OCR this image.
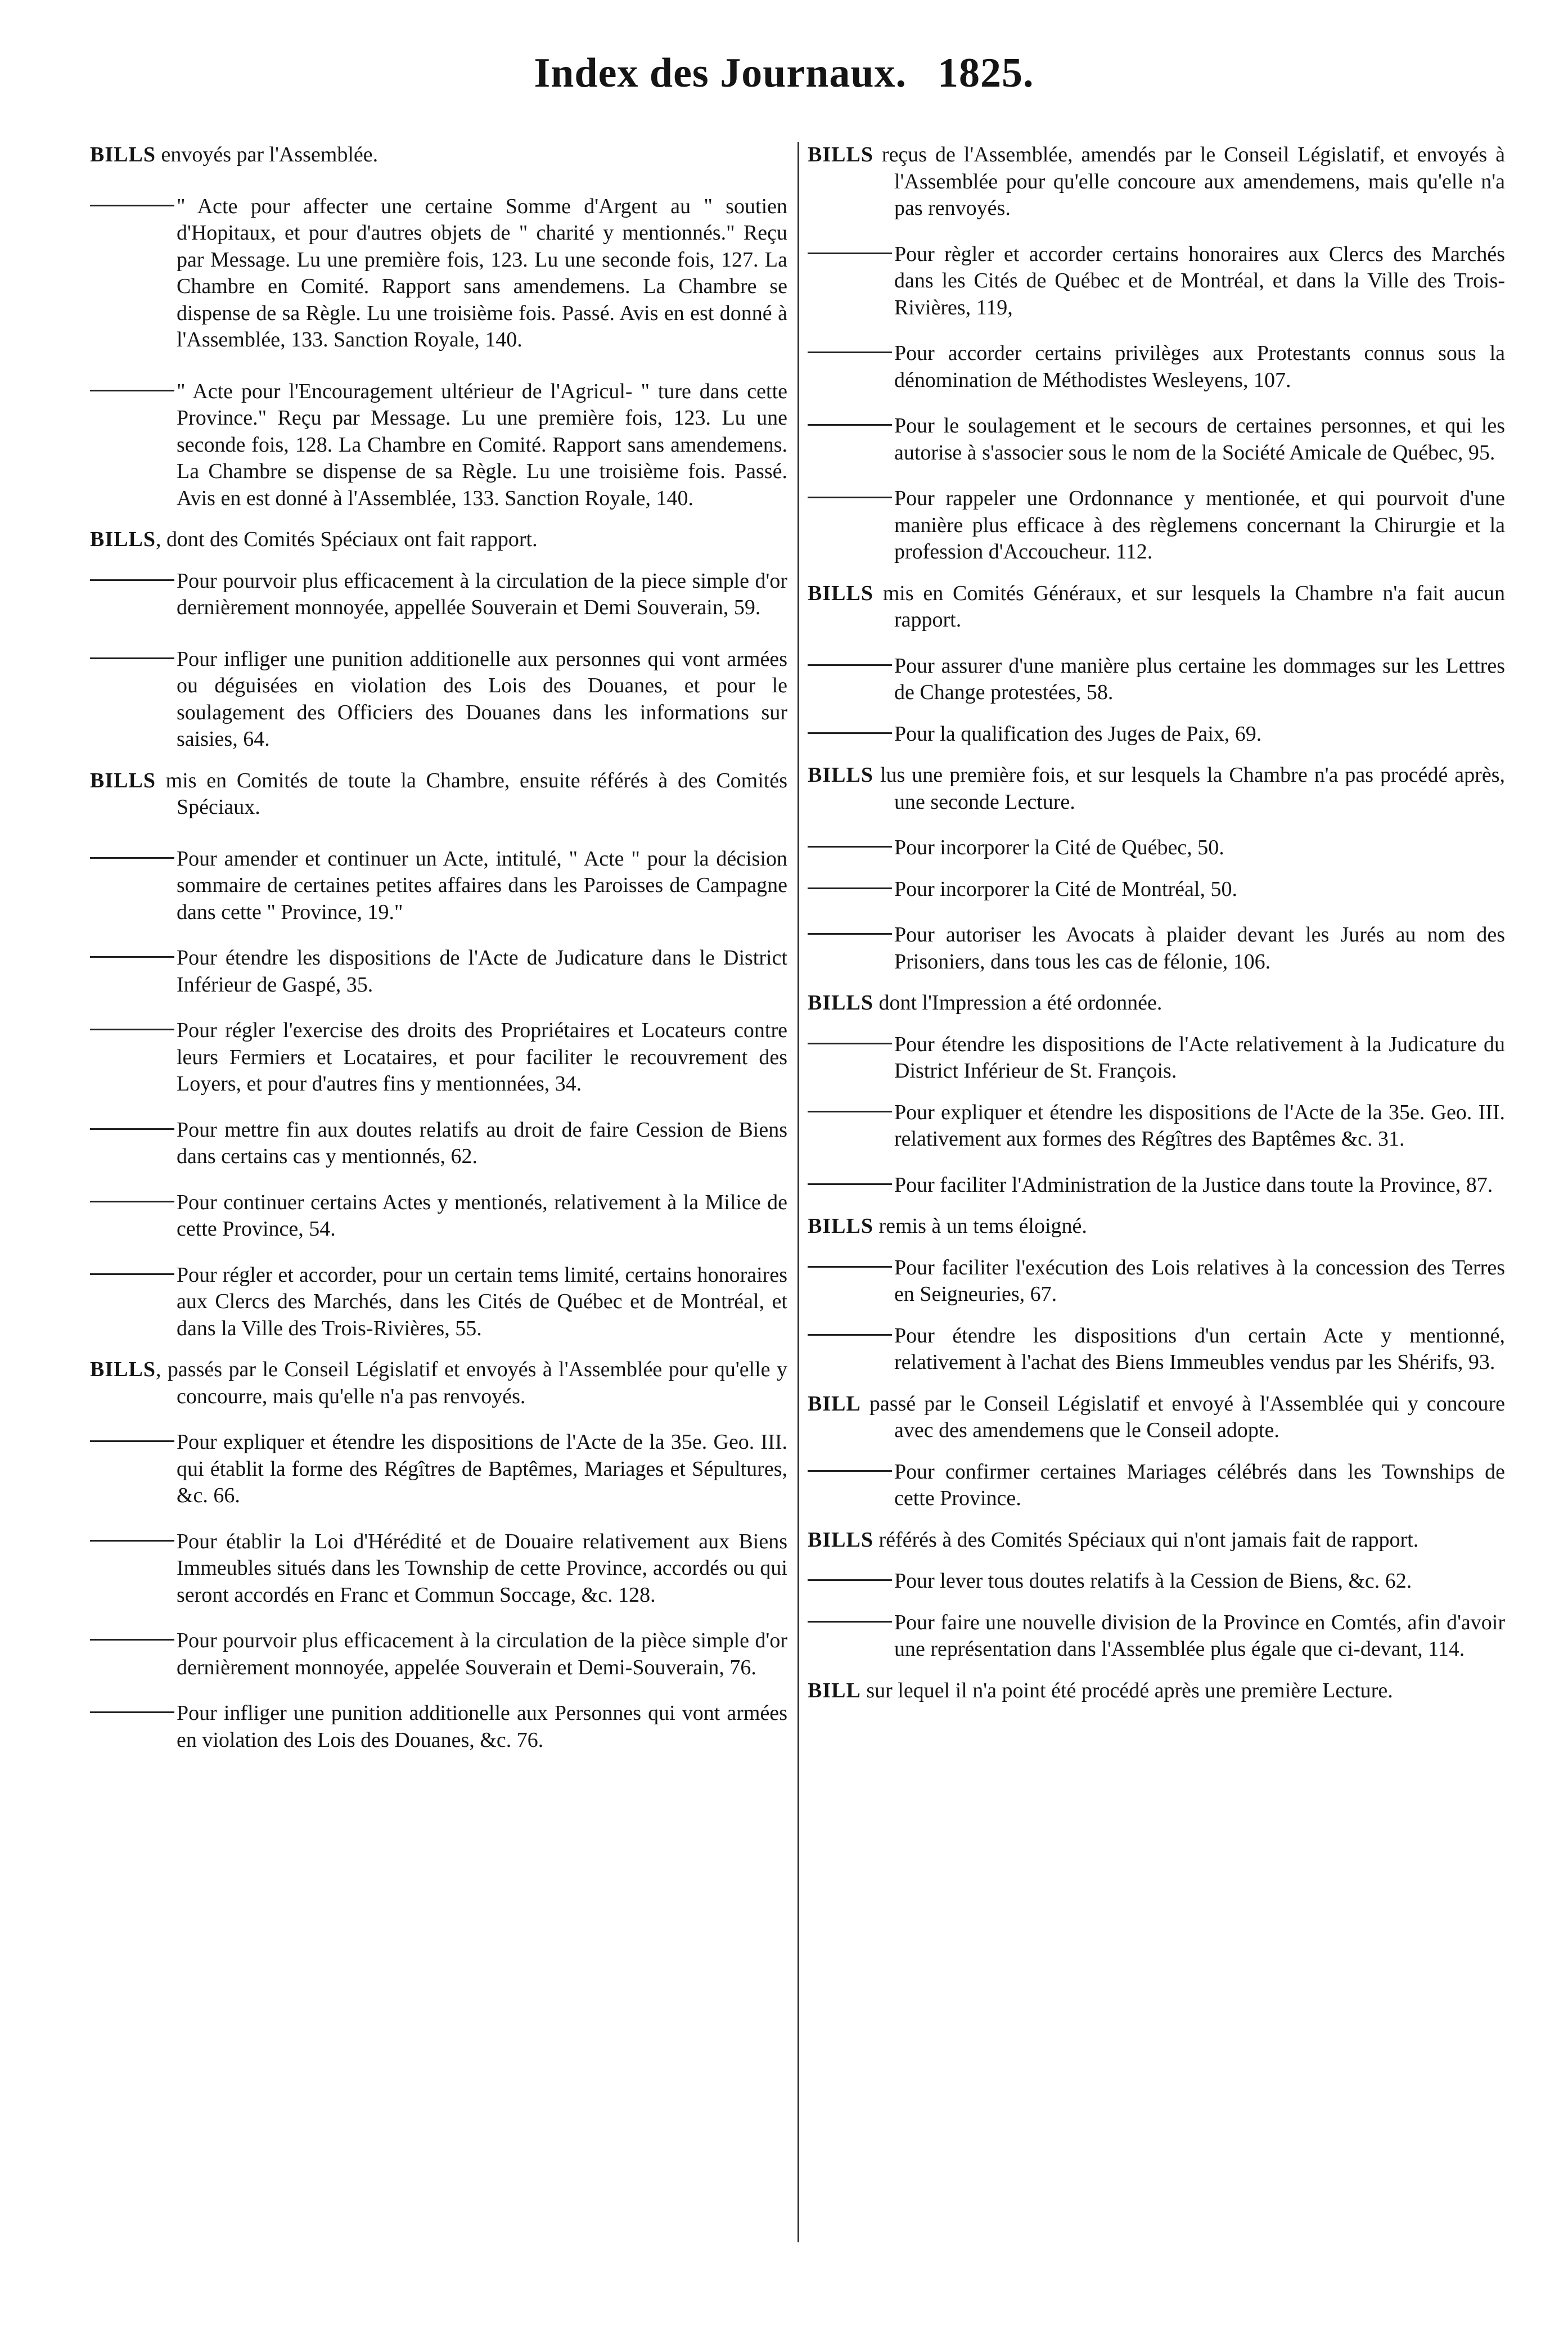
Index des Journaux. 1825.

BILLS envoyés par l'Assemblée.

" Acte pour affecter une certaine Somme d'Argent au " soutien d'Hopitaux, et pour d'autres objets de " charité y mentionnés." Reçu par Message. Lu une première fois, 123. Lu une seconde fois, 127. La Chambre en Comité. Rapport sans amendemens. La Chambre se dispense de sa Règle. Lu une troisième fois. Passé. Avis en est donné à l'Assemblée, 133. Sanction Royale, 140.

" Acte pour l'Encouragement ultérieur de l'Agricul- " ture dans cette Province." Reçu par Message. Lu une première fois, 123. Lu une seconde fois, 128. La Chambre en Comité. Rapport sans amendemens. La Chambre se dispense de sa Règle. Lu une troisième fois. Passé. Avis en est donné à l'Assemblée, 133. Sanction Royale, 140.

BILLS, dont des Comités Spéciaux ont fait rapport.

Pour pourvoir plus efficacement à la circulation de la piece simple d'or dernièrement monnoyée, appellée Souverain et Demi Souverain, 59.

Pour infliger une punition additionelle aux personnes qui vont armées ou déguisées en violation des Lois des Douanes, et pour le soulagement des Officiers des Douanes dans les informations sur saisies, 64.

BILLS mis en Comités de toute la Chambre, ensuite référés à des Comités Spéciaux.

Pour amender et continuer un Acte, intitulé, " Acte " pour la décision sommaire de certaines petites affaires dans les Paroisses de Campagne dans cette " Province, 19."

Pour étendre les dispositions de l'Acte de Judicature dans le District Inférieur de Gaspé, 35.

Pour régler l'exercise des droits des Propriétaires et Locateurs contre leurs Fermiers et Locataires, et pour faciliter le recouvrement des Loyers, et pour d'autres fins y mentionnées, 34.

Pour mettre fin aux doutes relatifs au droit de faire Cession de Biens dans certains cas y mentionnés, 62.

Pour continuer certains Actes y mentionés, relativement à la Milice de cette Province, 54.

Pour régler et accorder, pour un certain tems limité, certains honoraires aux Clercs des Marchés, dans les Cités de Québec et de Montréal, et dans la Ville des Trois-Rivières, 55.

BILLS, passés par le Conseil Législatif et envoyés à l'Assemblée pour qu'elle y concourre, mais qu'elle n'a pas renvoyés.

Pour expliquer et étendre les dispositions de l'Acte de la 35e. Geo. III. qui établit la forme des Régîtres de Baptêmes, Mariages et Sépultures, &c. 66.

Pour établir la Loi d'Hérédité et de Douaire relativement aux Biens Immeubles situés dans les Township de cette Province, accordés ou qui seront accordés en Franc et Commun Soccage, &c. 128.

Pour pourvoir plus efficacement à la circulation de la pièce simple d'or dernièrement monnoyée, appelée Souverain et Demi-Souverain, 76.

Pour infliger une punition additionelle aux Personnes qui vont armées en violation des Lois des Douanes, &c. 76.

BILLS reçus de l'Assemblée, amendés par le Conseil Législatif, et envoyés à l'Assemblée pour qu'elle concoure aux amendemens, mais qu'elle n'a pas renvoyés.

Pour règler et accorder certains honoraires aux Clercs des Marchés dans les Cités de Québec et de Montréal, et dans la Ville des Trois-Rivières, 119,

Pour accorder certains privilèges aux Protestants connus sous la dénomination de Méthodistes Wesleyens, 107.

Pour le soulagement et le secours de certaines personnes, et qui les autorise à s'associer sous le nom de la Société Amicale de Québec, 95.

Pour rappeler une Ordonnance y mentionée, et qui pourvoit d'une manière plus efficace à des règlemens concernant la Chirurgie et la profession d'Accoucheur. 112.

BILLS mis en Comités Généraux, et sur lesquels la Chambre n'a fait aucun rapport.

Pour assurer d'une manière plus certaine les dommages sur les Lettres de Change protestées, 58.

Pour la qualification des Juges de Paix, 69.

BILLS lus une première fois, et sur lesquels la Chambre n'a pas procédé après, une seconde Lecture.

Pour incorporer la Cité de Québec, 50.

Pour incorporer la Cité de Montréal, 50.

Pour autoriser les Avocats à plaider devant les Jurés au nom des Prisoniers, dans tous les cas de félonie, 106.

BILLS dont l'Impression a été ordonnée.

Pour étendre les dispositions de l'Acte relativement à la Judicature du District Inférieur de St. François.

Pour expliquer et étendre les dispositions de l'Acte de la 35e. Geo. III. relativement aux formes des Régîtres des Baptêmes &c. 31.

Pour faciliter l'Administration de la Justice dans toute la Province, 87.

BILLS remis à un tems éloigné.

Pour faciliter l'exécution des Lois relatives à la concession des Terres en Seigneuries, 67.

Pour étendre les dispositions d'un certain Acte y mentionné, relativement à l'achat des Biens Immeubles vendus par les Shérifs, 93.

BILL passé par le Conseil Législatif et envoyé à l'Assemblée qui y concoure avec des amendemens que le Conseil adopte.

Pour confirmer certaines Mariages célébrés dans les Townships de cette Province.

BILLS référés à des Comités Spéciaux qui n'ont jamais fait de rapport.

Pour lever tous doutes relatifs à la Cession de Biens, &c. 62.

Pour faire une nouvelle division de la Province en Comtés, afin d'avoir une représentation dans l'Assemblée plus égale que ci-devant, 114.

BILL sur lequel il n'a point été procédé après une première Lecture.
